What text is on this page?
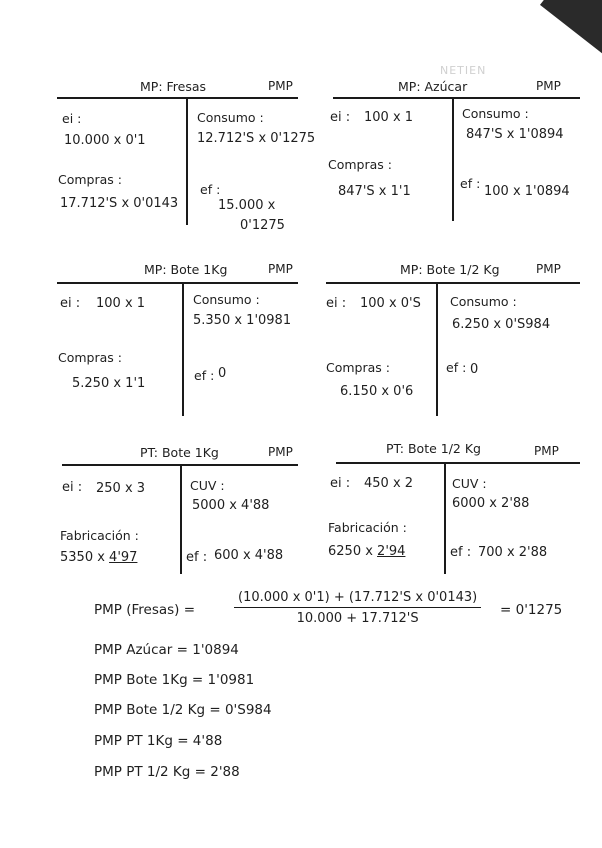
NETIEN
MP: Fresas	PMP
ei :
10.000 x 0'1
Compras :
17.712'S x 0'0143
Consumo :
12.712'S x 0'1275
ef :
15.000 x
0'1275
MP: Azúcar	PMP
ei : 100 x 1
Compras :
847'S x 1'1
Consumo :
847'S x 1'0894
ef :
100 x 1'0894
MP: Bote 1Kg	PMP
ei : 100 x 1
Compras :
5.250 x 1'1
Consumo :
5.350 x 1'0981
ef : 0
MP: Bote 1/2 Kg	PMP
ei : 100 x 0'S
Compras :
6.150 x 0'6
Consumo :
6.250 x 0'S984
ef : 0
PT: Bote 1Kg	PMP
ei : 250 x 3
Fabricación :
5350 x 4'97
CUV :
5000 x 4'88
ef : 600 x 4'88
PT: Bote 1/2 Kg	PMP
ei : 450 x 2
Fabricación :
6250 x 2'94
CUV :
6000 x 2'88
ef : 700 x 2'88
PMP (Fresas) =	$\frac{\text{(10.000 x 0'1) + (17.712'S x 0'0143)}}{10.000 + 17.712'S} = 0'1275$
PMP Azúcar = 1'0894
PMP Bote 1Kg = 1'0981
PMP Bote 1/2 Kg = 0'S984
PMP PT 1Kg = 4'88
PMP PT 1/2 Kg = 2'88
